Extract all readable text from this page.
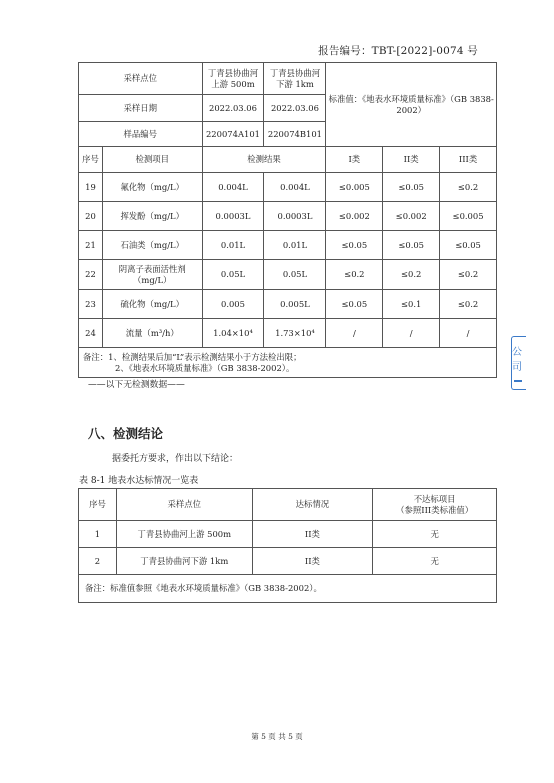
报告编号：TBT-[2022]-0074 号
采样点位		丁青县协曲河上游 500m	丁青县协曲河下游 1km	标准值：《地表水环境质量标准》（GB 3838-2002）		
采样日期		2022.03.06	2022.03.06			
样品编号		220074A101	220074B101			
序号	检测项目	检测结果		I类	II类	III类
19	氟化物（mg/L）	0.004L	0.004L	≤0.005	≤0.05	≤0.2
20	挥发酚（mg/L）	0.0003L	0.0003L	≤0.002	≤0.002	≤0.005
21	石油类（mg/L）	0.01L	0.01L	≤0.05	≤0.05	≤0.05
22	阴离子表面活性剂（mg/L）	0.05L	0.05L	≤0.2	≤0.2	≤0.2
23	硫化物（mg/L）	0.005	0.005L	≤0.05	≤0.1	≤0.2
24	流量（m³/h）	1.04×10⁴	1.73×10⁴	/	/	/

备注：1、检测结果后加“L”表示检测结果小于方法检出限；
2、《地表水环境质量标准》（GB 3838-2002）。						
——以下无检测数据——
八、检测结论
据委托方要求，作出以下结论：
表 8-1 地表水达标情况一览表
序号	采样点位	达标情况	不达标项目
（参照III类标准值）

1	丁青县协曲河上游 500m	II类	无
2	丁青县协曲河下游 1km	II类	无
备注：标准值参照《地表水环境质量标准》（GB 3838-2002）。			
公司
第 5 页 共 5 页
